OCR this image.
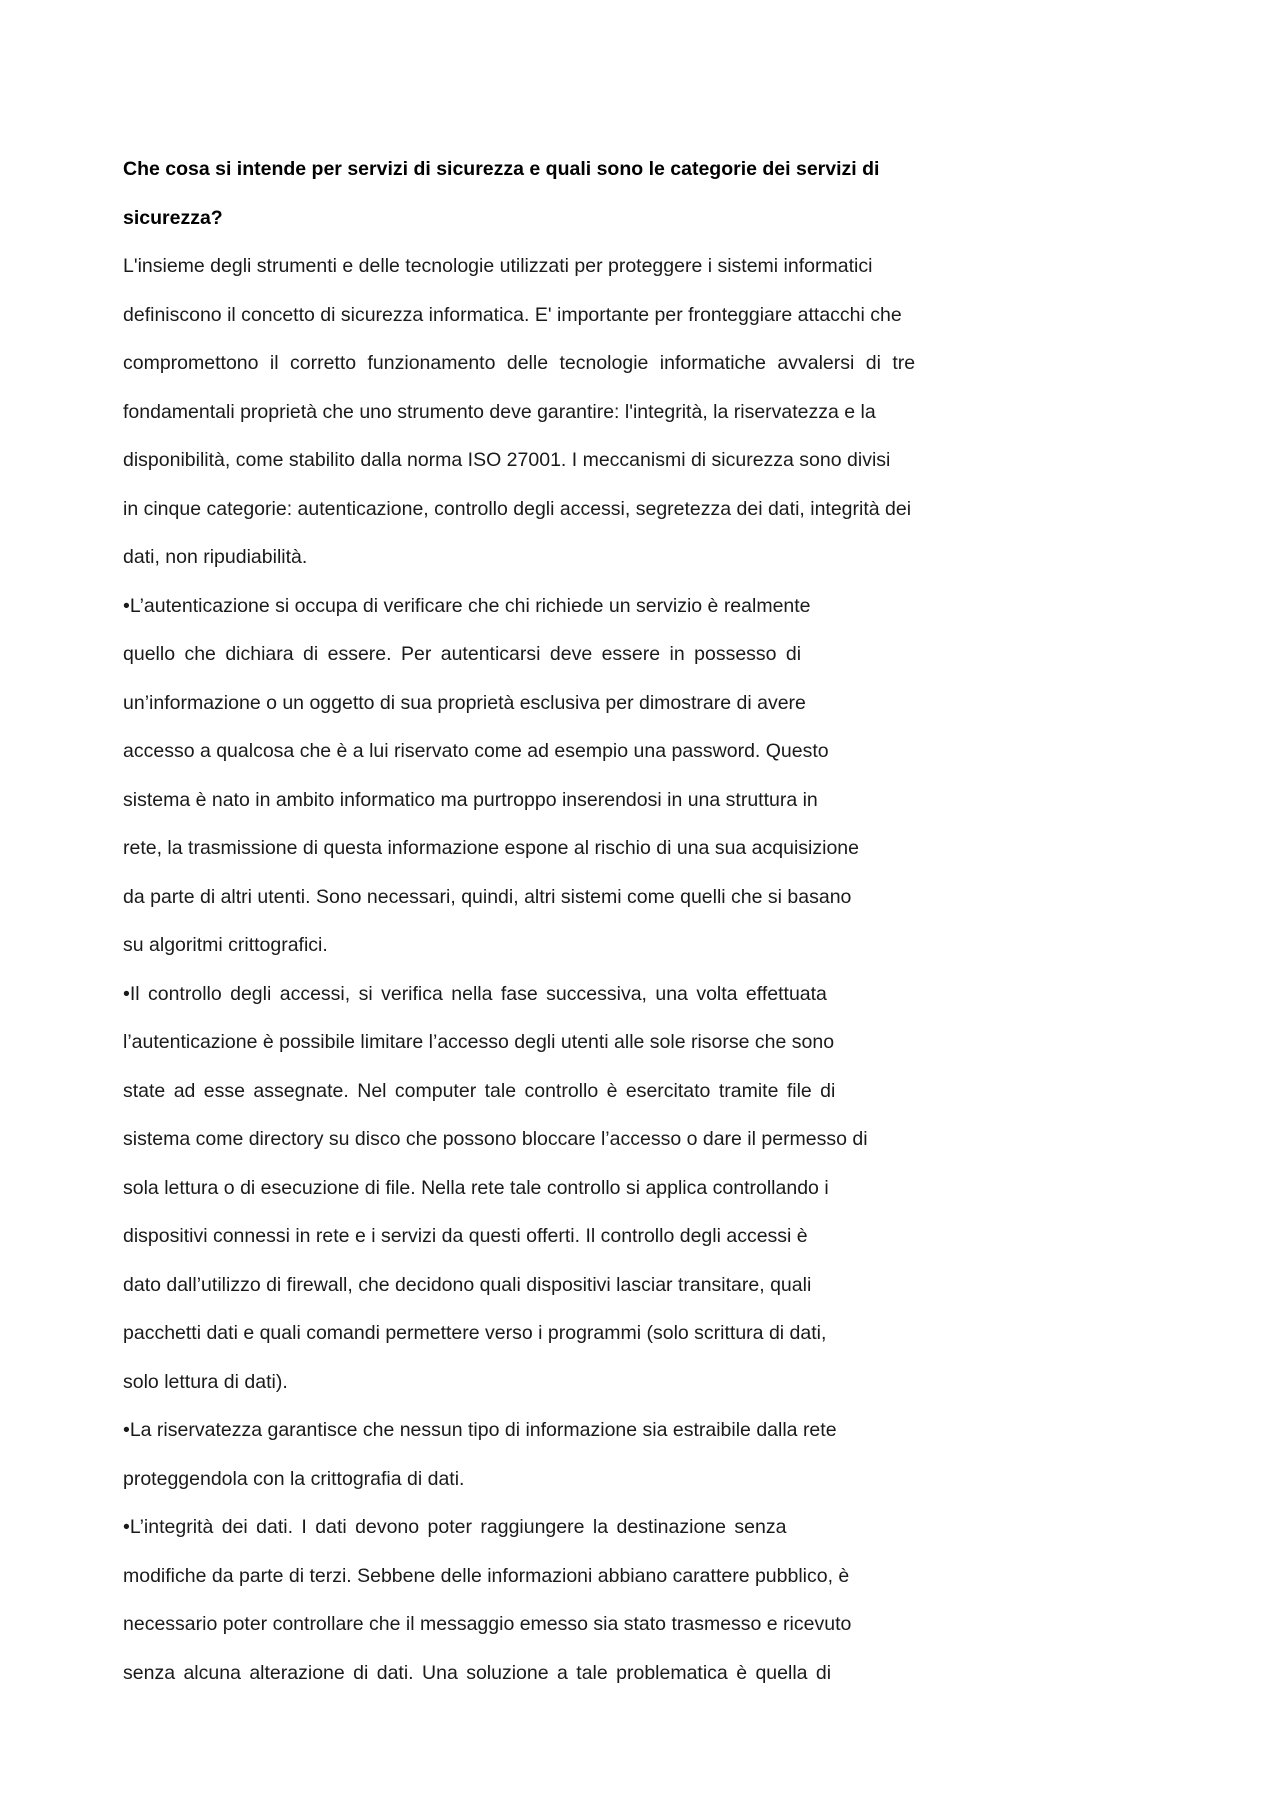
Che cosa si intende per servizi di sicurezza e quali sono le categorie dei servizi di
sicurezza?
L'insieme degli strumenti e delle tecnologie utilizzati per proteggere i sistemi informatici
definiscono il concetto di sicurezza informatica. E' importante per fronteggiare attacchi che
compromettono il corretto funzionamento delle tecnologie informatiche avvalersi di tre
fondamentali proprietà che uno strumento deve garantire: l'integrità, la riservatezza e la
disponibilità, come stabilito dalla norma ISO 27001. I meccanismi di sicurezza sono divisi
in cinque categorie: autenticazione, controllo degli accessi, segretezza dei dati, integrità dei
dati, non ripudiabilità.
•L’autenticazione si occupa di verificare che chi richiede un servizio è realmente
quello che dichiara di essere. Per autenticarsi deve essere in possesso di
un’informazione o un oggetto di sua proprietà esclusiva per dimostrare di avere
accesso a qualcosa che è a lui riservato come ad esempio una password. Questo
sistema è nato in ambito informatico ma purtroppo inserendosi in una struttura in
rete, la trasmissione di questa informazione espone al rischio di una sua acquisizione
da parte di altri utenti. Sono necessari, quindi, altri sistemi come quelli che si basano
su algoritmi crittografici.
•Il controllo degli accessi, si verifica nella fase successiva, una volta effettuata
l’autenticazione è possibile limitare l’accesso degli utenti alle sole risorse che sono
state ad esse assegnate. Nel computer tale controllo è esercitato tramite file di
sistema come directory su disco che possono bloccare l’accesso o dare il permesso di
sola lettura o di esecuzione di file. Nella rete tale controllo si applica controllando i
dispositivi connessi in rete e i servizi da questi offerti. Il controllo degli accessi è
dato dall’utilizzo di firewall, che decidono quali dispositivi lasciar transitare, quali
pacchetti dati e quali comandi permettere verso i programmi (solo scrittura di dati,
solo lettura di dati).
•La riservatezza garantisce che nessun tipo di informazione sia estraibile dalla rete
proteggendola con la crittografia di dati.
•L’integrità dei dati. I dati devono poter raggiungere la destinazione senza
modifiche da parte di terzi. Sebbene delle informazioni abbiano carattere pubblico, è
necessario poter controllare che il messaggio emesso sia stato trasmesso e ricevuto
senza alcuna alterazione di dati. Una soluzione a tale problematica è quella di
